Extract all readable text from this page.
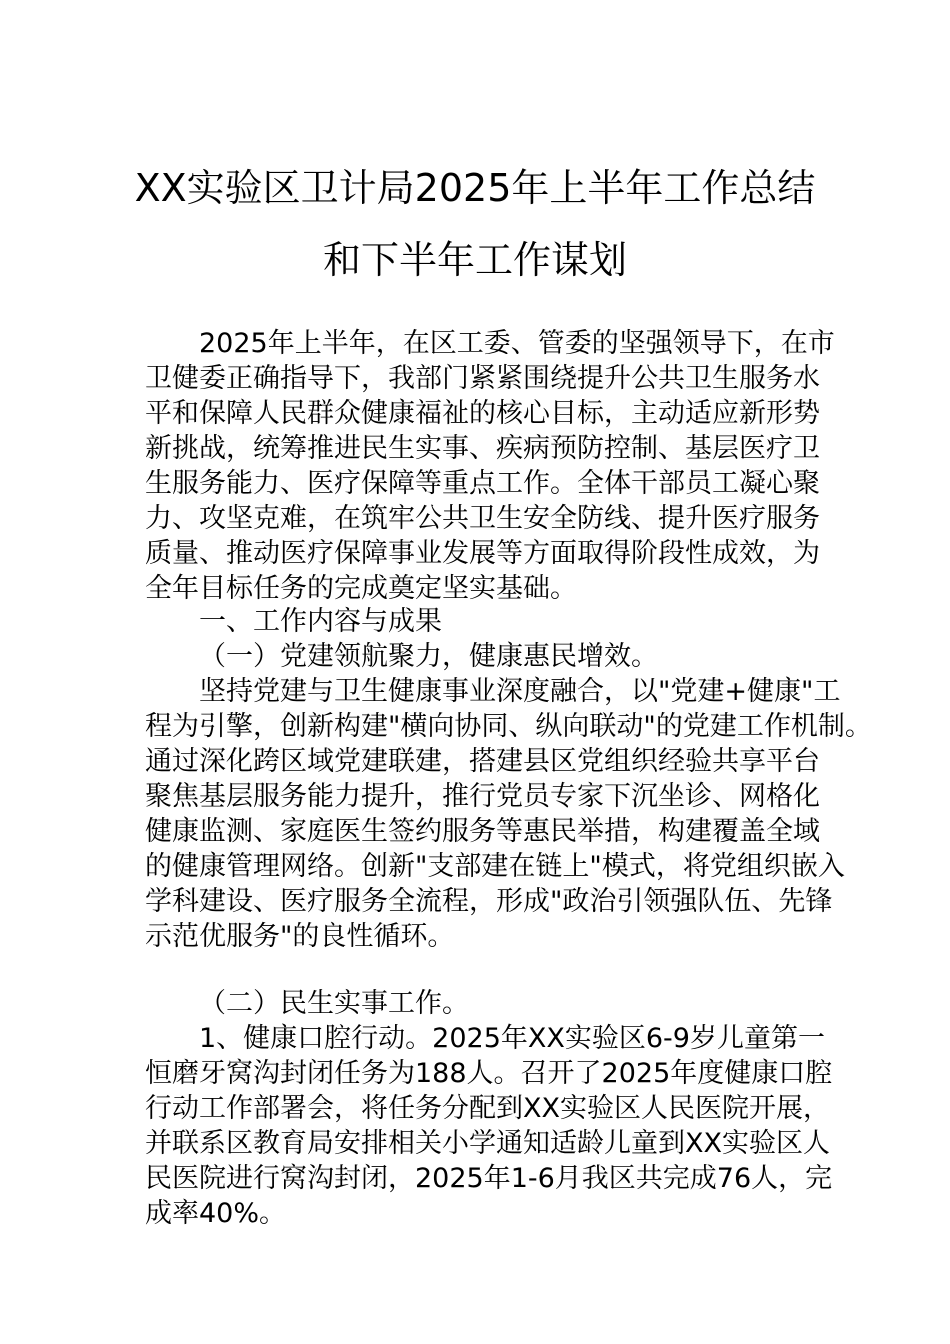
XX实验区卫计局2025年上半年工作总结
和下半年工作谋划
2025年上半年，在区工委、管委的坚强领导下，在市
卫健委正确指导下，我部门紧紧围绕提升公共卫生服务水
平和保障人民群众健康福祉的核心目标，主动适应新形势
新挑战，统筹推进民生实事、疾病预防控制、基层医疗卫
生服务能力、医疗保障等重点工作。全体干部员工凝心聚
力、攻坚克难，在筑牢公共卫生安全防线、提升医疗服务
质量、推动医疗保障事业发展等方面取得阶段性成效，为
全年目标任务的完成奠定坚实基础。
一、工作内容与成果
（一）党建领航聚力，健康惠民增效。
坚持党建与卫生健康事业深度融合，以"党建+健康"工
程为引擎，创新构建"横向协同、纵向联动"的党建工作机制。
通过深化跨区域党建联建，搭建县区党组织经验共享平台
聚焦基层服务能力提升，推行党员专家下沉坐诊、网格化
健康监测、家庭医生签约服务等惠民举措，构建覆盖全域
的健康管理网络。创新"支部建在链上"模式，将党组织嵌入
学科建设、医疗服务全流程，形成"政治引领强队伍、先锋
示范优服务"的良性循环。
（二）民生实事工作。
1、健康口腔行动。2025年XX实验区6-9岁儿童第一
恒磨牙窝沟封闭任务为188人。召开了2025年度健康口腔
行动工作部署会，将任务分配到XX实验区人民医院开展，
并联系区教育局安排相关小学通知适龄儿童到XX实验区人
民医院进行窝沟封闭，2025年1-6月我区共完成76人，完
成率40%。
